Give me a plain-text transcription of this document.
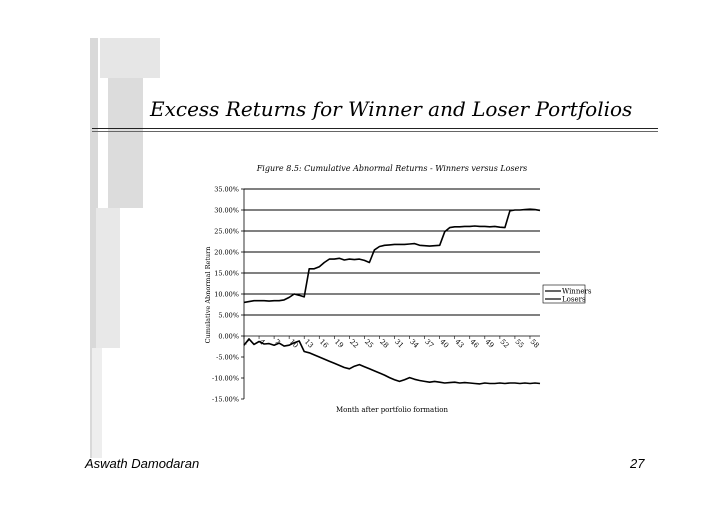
Excess Returns for Winner and Loser Portfolios
Figure 8.5: Cumulative Abnormal Returns - Winners versus Losers
Cumulative Abnormal Return
Month after portfolio formation
35.00%
30.00%
25.00%
20.00%
15.00%
10.00%
5.00%
0.00%
-5.00%
-10.00%
-15.00%
1 4 7 10 13 16 19 22 25 28 31 34 37 40 43 46 49 52 55 58
Winners
Losers
Aswath Damodaran	27
